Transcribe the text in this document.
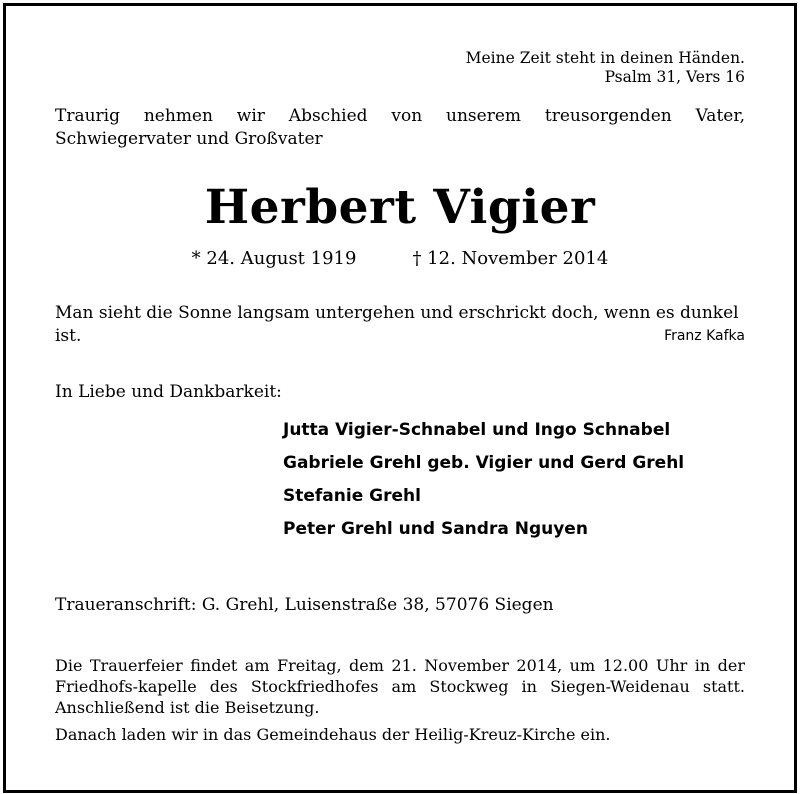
Meine Zeit steht in deinen Händen.
Psalm 31, Vers 16
Traurig nehmen wir Abschied von unserem treusorgenden Vater, Schwiegervater und Großvater
Herbert Vigier
* 24. August 1919	† 12. November 2014
Man sieht die Sonne langsam untergehen und erschrickt doch, wenn es dunkel ist.	Franz Kafka
In Liebe und Dankbarkeit:
Jutta Vigier-Schnabel und Ingo Schnabel
Gabriele Grehl geb. Vigier und Gerd Grehl
Stefanie Grehl
Peter Grehl und Sandra Nguyen
Traueranschrift: G. Grehl, Luisenstraße 38, 57076 Siegen
Die Trauerfeier findet am Freitag, dem 21. November 2014, um 12.00 Uhr in der Friedhofs-kapelle des Stockfriedhofes am Stockweg in Siegen-Weidenau statt. Anschließend ist die Beisetzung.
Danach laden wir in das Gemeindehaus der Heilig-Kreuz-Kirche ein.
